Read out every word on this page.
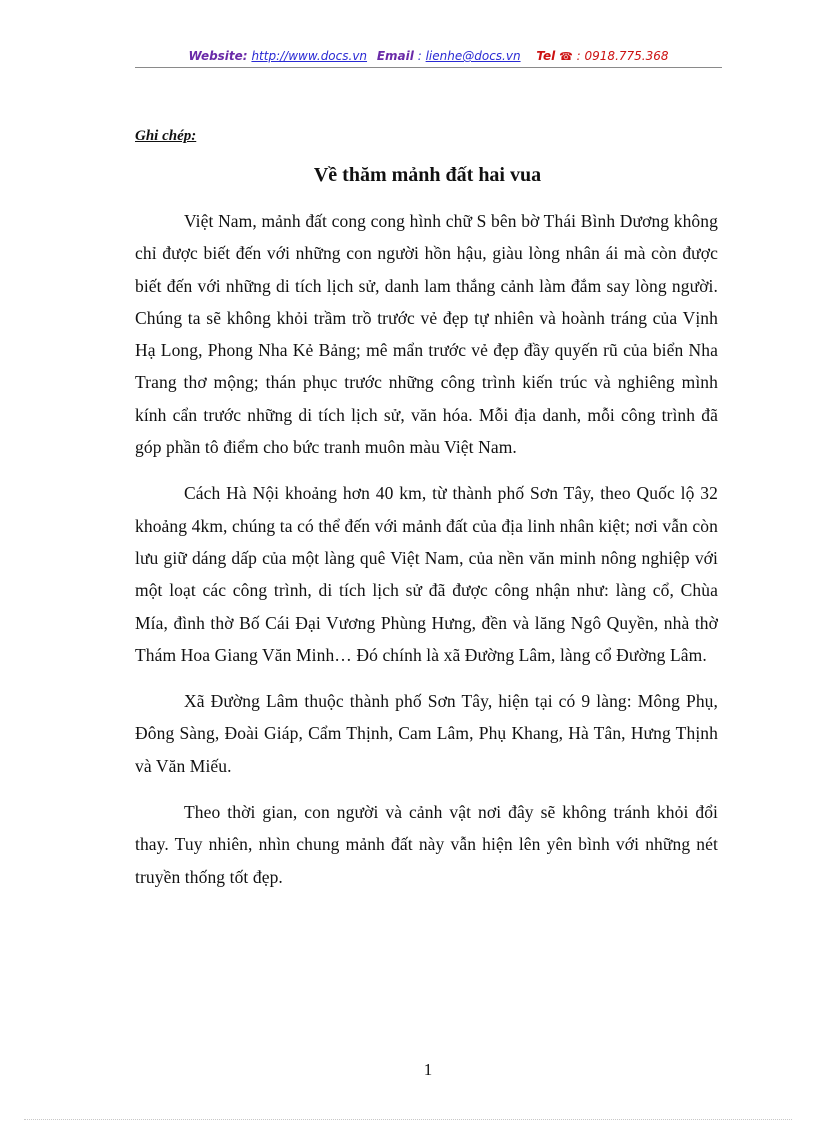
Website: http://www.docs.vn Email : lienhe@docs.vn Tel ☎ : 0918.775.368
Ghi chép:
Về thăm mảnh đất hai vua

Việt Nam, mảnh đất cong cong hình chữ S bên bờ Thái Bình Dương không chỉ được biết đến với những con người hồn hậu, giàu lòng nhân ái mà còn được biết đến với những di tích lịch sử, danh lam thắng cảnh làm đắm say lòng người. Chúng ta sẽ không khỏi trầm trồ trước vẻ đẹp tự nhiên và hoành tráng của Vịnh Hạ Long, Phong Nha Kẻ Bảng; mê mẩn trước vẻ đẹp đầy quyến rũ của biển Nha Trang thơ mộng; thán phục trước những công trình kiến trúc và nghiêng mình kính cẩn trước những di tích lịch sử, văn hóa. Mỗi địa danh, mỗi công trình đã góp phần tô điểm cho bức tranh muôn màu Việt Nam.

Cách Hà Nội khoảng hơn 40 km, từ thành phố Sơn Tây, theo Quốc lộ 32 khoảng 4km, chúng ta có thể đến với mảnh đất của địa linh nhân kiệt; nơi vẫn còn lưu giữ dáng dấp của một làng quê Việt Nam, của nền văn minh nông nghiệp với một loạt các công trình, di tích lịch sử đã được công nhận như: làng cổ, Chùa Mía, đình thờ Bố Cái Đại Vương Phùng Hưng, đền và lăng Ngô Quyền, nhà thờ Thám Hoa Giang Văn Minh… Đó chính là xã Đường Lâm, làng cổ Đường Lâm.

Xã Đường Lâm thuộc thành phố Sơn Tây, hiện tại có 9 làng: Mông Phụ, Đông Sàng, Đoài Giáp, Cẩm Thịnh, Cam Lâm, Phụ Khang, Hà Tân, Hưng Thịnh và Văn Miếu.

Theo thời gian, con người và cảnh vật nơi đây sẽ không tránh khỏi đổi thay. Tuy nhiên, nhìn chung mảnh đất này vẫn hiện lên yên bình với những nét truyền thống tốt đẹp.

1
